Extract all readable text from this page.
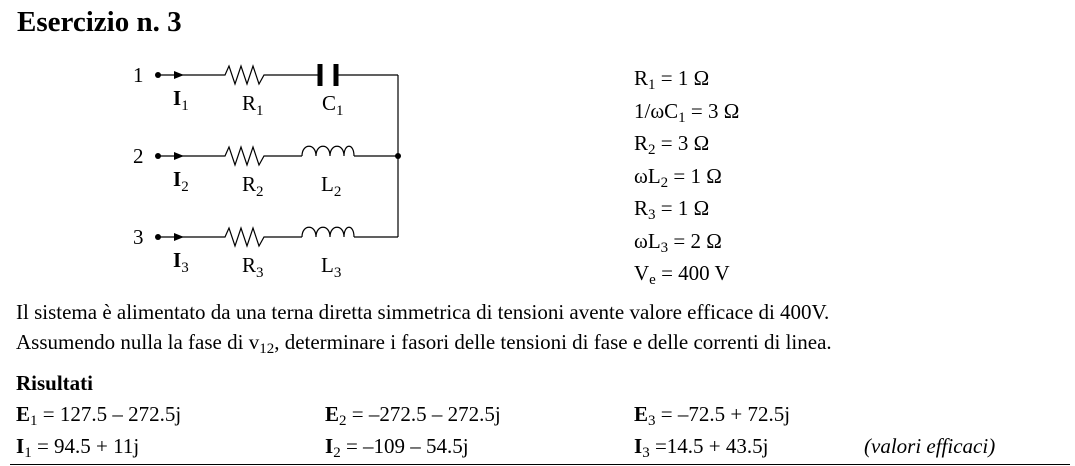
Esercizio n. 3
1
2
3
$I_1$
$I_2$
$I_3$
$R_1$	$C_1$
$R_2$	$L_2$
$R_3$	$L_3$
$R_1 = 1$ Ω
$1/\omega C_1 = 3$ Ω
$R_2 = 3$ Ω
$\omega L_2 = 1$ Ω
$R_3 = 1$ Ω
$\omega L_3 = 2$ Ω
$V_e = 400$ V
Il sistema è alimentato da una terna diretta simmetrica di tensioni avente valore efficace di 400V.
Assumendo nulla la fase di $v_{12}$, determinare i fasori delle tensioni di fase e delle correnti di linea.
Risultati
$E_1 = 127.5 - 272.5j$	$E_2 = -272.5 - 272.5j$	$E_3 = -72.5 + 72.5j$
$I_1 = 94.5 + 11j$	$I_2 = -109 - 54.5j$	$I_3 =14.5 + 43.5j$	(valori efficaci)
